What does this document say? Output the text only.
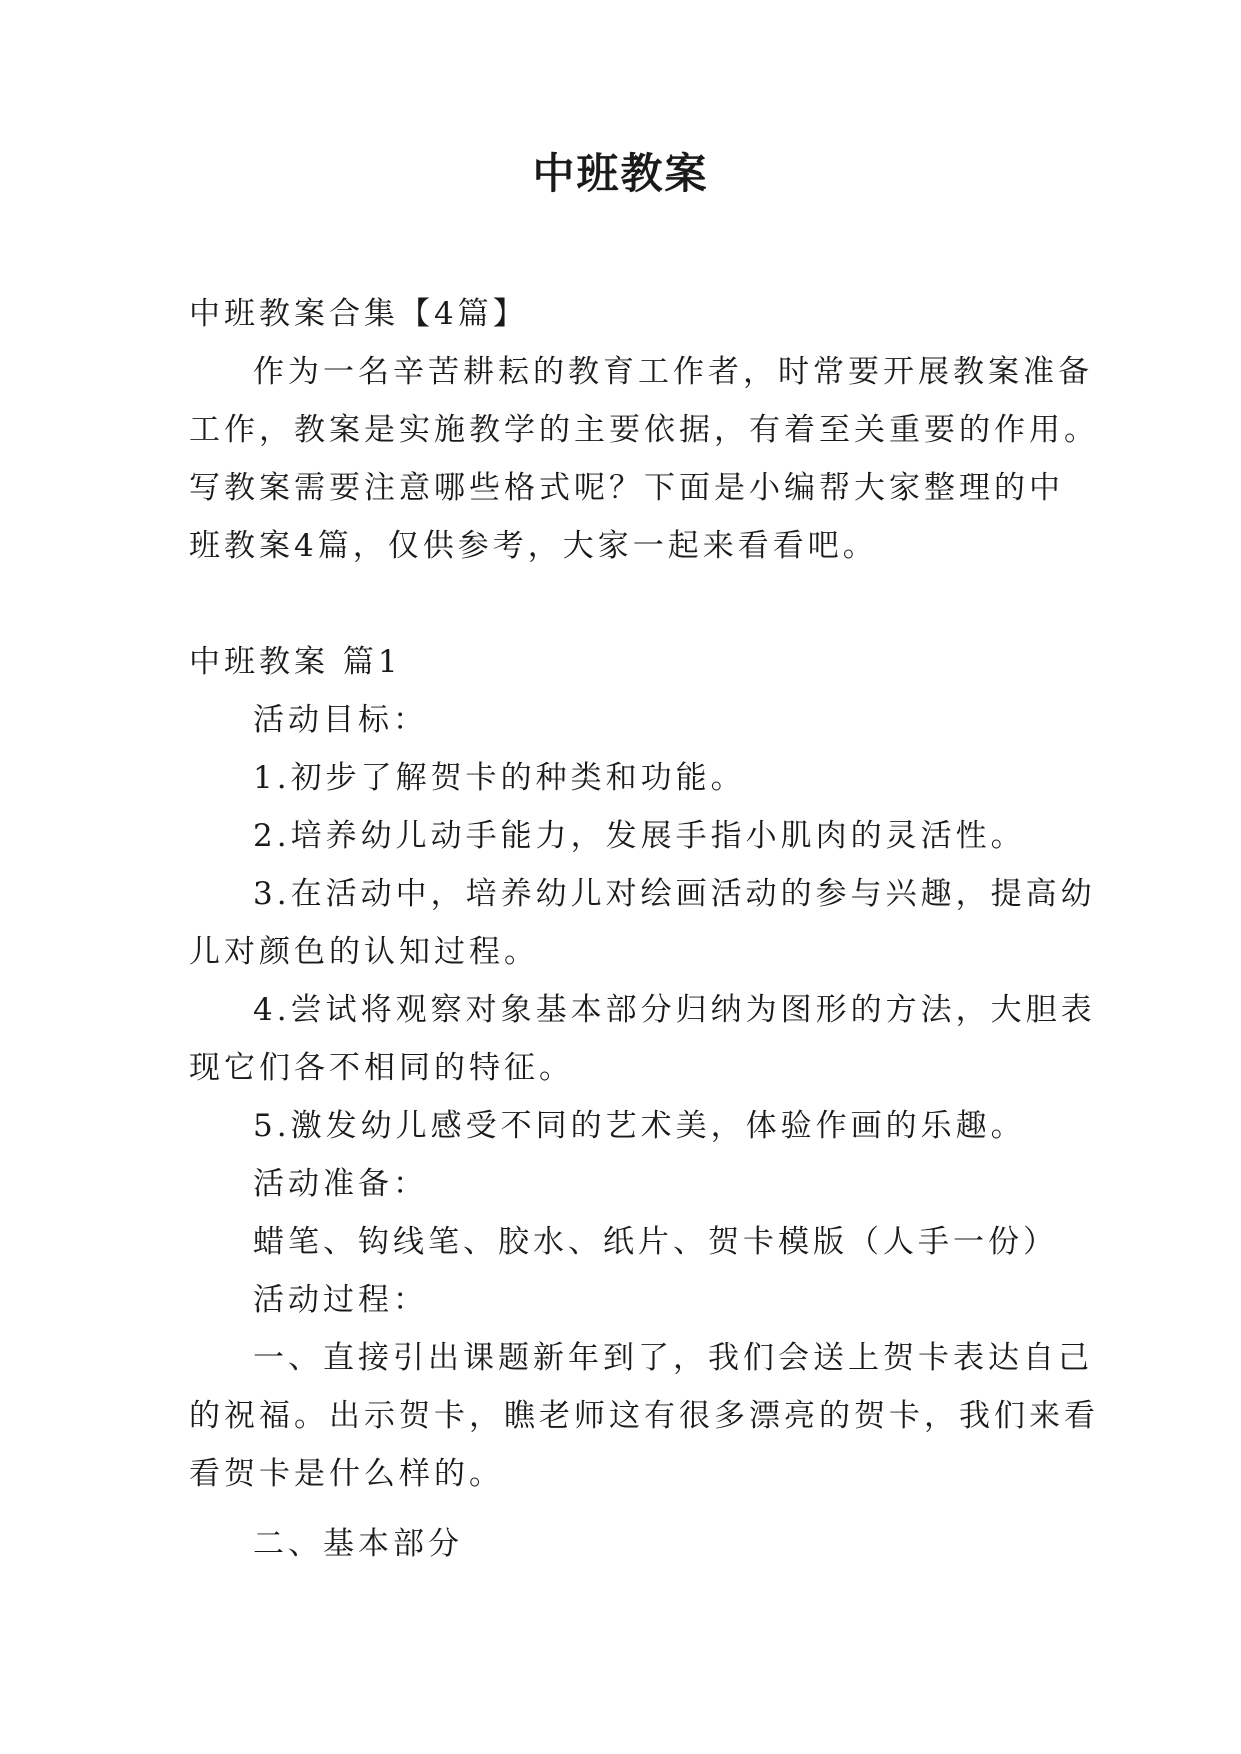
中班教案

中班教案合集【4篇】

作为一名辛苦耕耘的教育工作者，时常要开展教案准备

工作，教案是实施教学的主要依据，有着至关重要的作用。

写教案需要注意哪些格式呢？下面是小编帮大家整理的中

班教案4篇，仅供参考，大家一起来看看吧。

中班教案 篇1

活动目标：

1.初步了解贺卡的种类和功能。

2.培养幼儿动手能力，发展手指小肌肉的灵活性。

3.在活动中，培养幼儿对绘画活动的参与兴趣，提高幼

儿对颜色的认知过程。

4.尝试将观察对象基本部分归纳为图形的方法，大胆表

现它们各不相同的特征。

5.激发幼儿感受不同的艺术美，体验作画的乐趣。

活动准备：

蜡笔、钩线笔、胶水、纸片、贺卡模版（人手一份）

活动过程：

一、直接引出课题新年到了，我们会送上贺卡表达自己

的祝福。出示贺卡，瞧老师这有很多漂亮的贺卡，我们来看

看贺卡是什么样的。

二、基本部分
